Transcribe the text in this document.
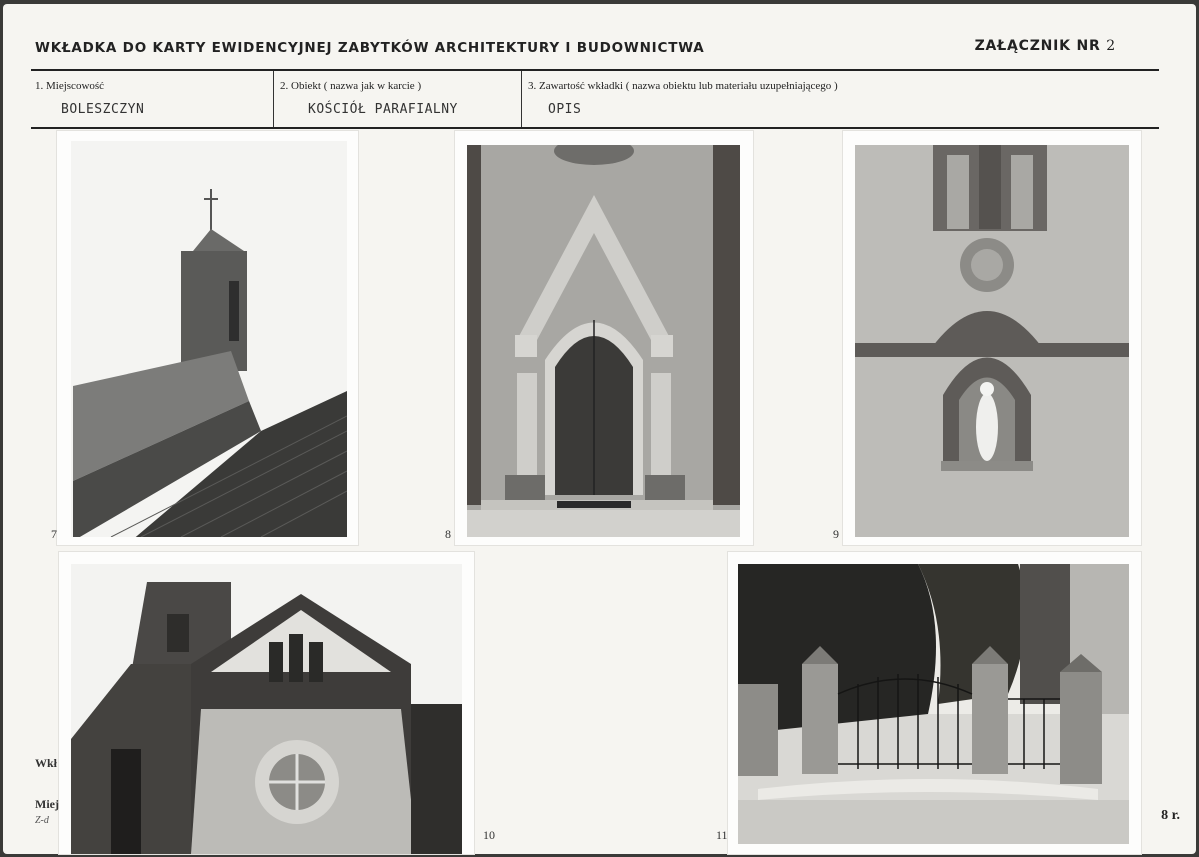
WKŁADKA DO KARTY EWIDENCYJNEJ ZABYTKÓW ARCHITEKTURY I BUDOWNICTWA	ZAŁĄCZNIK NR 2
1. Miejscowość
BOLESZCZYN
2. Obiekt ( nazwa jak w karcie )
KOŚCIÓŁ PARAFIALNY
3. Zawartość wkładki ( nazwa obiektu lub materiału uzupełniającego )
OPIS
7	8	9
10	11
Wkł
Miej
Z-d	8 r.
